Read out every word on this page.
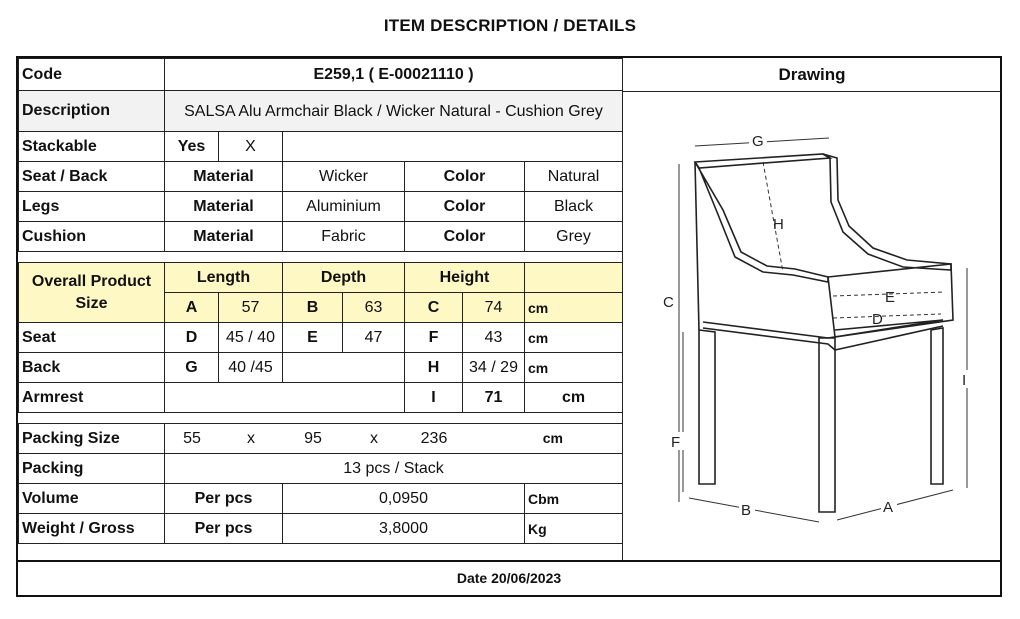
ITEM DESCRIPTION / DETAILS
Code	E259,1 ( E-00021110 )						
Description	SALSA Alu Armchair Black / Wicker Natural - Cushion Grey						
Stackable	Yes	X					
Seat / Back	Material		Wicker		Color		Natural
Legs	Material		Aluminium		Color		Black
Cushion	Material		Fabric		Color		Grey

Overall Product Size	Length		Depth		Height		
	A	57	B	63	C	74	cm
Seat	D	45 / 40	E	47	F	43	cm
Back	G	40 /45			H	34 / 29	cm
Armrest					I	71	cm

Packing Size	55 x 95 x 236 cm						
Packing	13 pcs / Stack						
Volume	Per pcs		0,0950				Cbm
Weight / Gross	Per pcs		3,8000				Kg
Drawing
G
H
C	E
D
F
I
B	A
Date 20/06/2023
